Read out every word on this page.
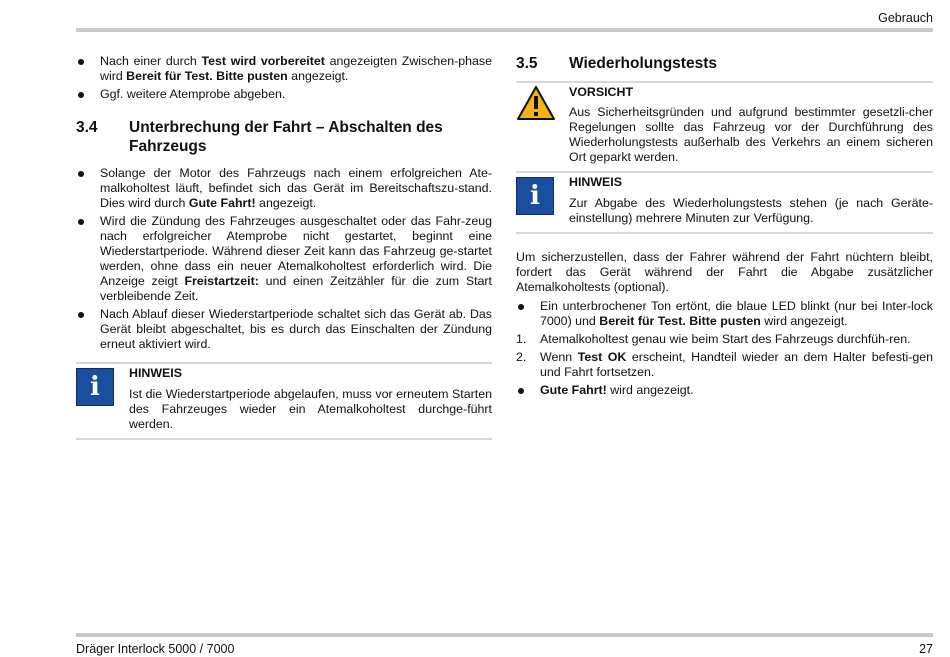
Gebrauch
Nach einer durch Test wird vorbereitet angezeigten Zwischen-phase wird Bereit für Test. Bitte pusten angezeigt.
Ggf. weitere Atemprobe abgeben.
3.4	Unterbrechung der Fahrt – Abschalten des Fahrzeugs
Solange der Motor des Fahrzeugs nach einem erfolgreichen Ate-malkoholtest läuft, befindet sich das Gerät im Bereitschaftszu-stand. Dies wird durch Gute Fahrt! angezeigt.
Wird die Zündung des Fahrzeuges ausgeschaltet oder das Fahr-zeug nach erfolgreicher Atemprobe nicht gestartet, beginnt eine Wiederstartperiode. Während dieser Zeit kann das Fahrzeug ge-startet werden, ohne dass ein neuer Atemalkoholtest erforderlich wird. Die Anzeige zeigt Freistartzeit: und einen Zeitzähler für die zum Start verbleibende Zeit.
Nach Ablauf dieser Wiederstartperiode schaltet sich das Gerät ab. Das Gerät bleibt abgeschaltet, bis es durch das Einschalten der Zündung erneut aktiviert wird.
i	HINWEIS
Ist die Wiederstartperiode abgelaufen, muss vor erneutem Starten des Fahrzeuges wieder ein Atemalkoholtest durchge-führt werden.
3.5	Wiederholungstests
VORSICHT
Aus Sicherheitsgründen und aufgrund bestimmter gesetzli-cher Regelungen sollte das Fahrzeug vor der Durchführung des Wiederholungstests außerhalb des Verkehrs an einem sicheren Ort geparkt werden.
i	HINWEIS
Zur Abgabe des Wiederholungstests stehen (je nach Geräte-einstellung) mehrere Minuten zur Verfügung.
Um sicherzustellen, dass der Fahrer während der Fahrt nüchtern bleibt, fordert das Gerät während der Fahrt die Abgabe zusätzlicher Atemalkoholtests (optional).
Ein unterbrochener Ton ertönt, die blaue LED blinkt (nur bei Inter-lock 7000) und Bereit für Test. Bitte pusten wird angezeigt.
1.	Atemalkoholtest genau wie beim Start des Fahrzeugs durchfüh-ren.
2.	Wenn Test OK erscheint, Handteil wieder an dem Halter befesti-gen und Fahrt fortsetzen.
Gute Fahrt! wird angezeigt.
Dräger Interlock 5000 / 7000	27
